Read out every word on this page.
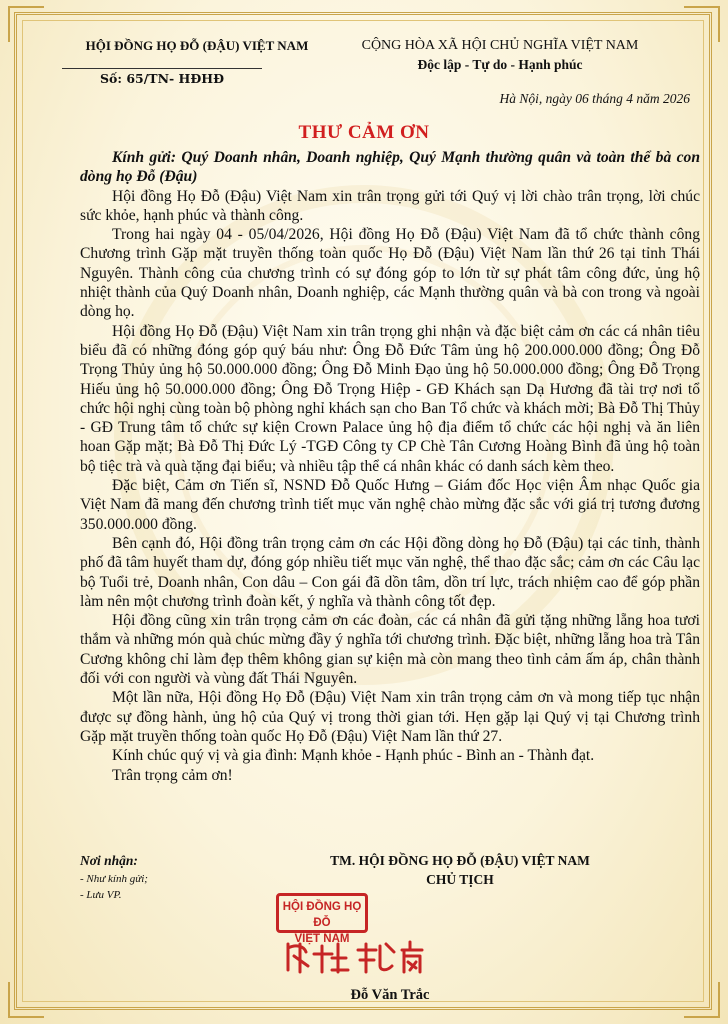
HỘI ĐỒNG HỌ ĐỖ (ĐẬU) VIỆT NAM
Số: 65/TN- HĐHĐ
CỘNG HÒA XÃ HỘI CHỦ NGHĨA VIỆT NAM
Độc lập - Tự do - Hạnh phúc
Hà Nội, ngày 06 tháng 4 năm 2026
THƯ CẢM ƠN

Kính gửi: Quý Doanh nhân, Doanh nghiệp, Quý Mạnh thường quân và toàn thể bà con dòng họ Đỗ (Đậu)

Hội đồng Họ Đỗ (Đậu) Việt Nam xin trân trọng gửi tới Quý vị lời chào trân trọng, lời chúc sức khỏe, hạnh phúc và thành công.

Trong hai ngày 04 - 05/04/2026, Hội đồng Họ Đỗ (Đậu) Việt Nam đã tổ chức thành công Chương trình Gặp mặt truyền thống toàn quốc Họ Đỗ (Đậu) Việt Nam lần thứ 26 tại tỉnh Thái Nguyên. Thành công của chương trình có sự đóng góp to lớn từ sự phát tâm công đức, ủng hộ nhiệt thành của Quý Doanh nhân, Doanh nghiệp, các Mạnh thường quân và bà con trong và ngoài dòng họ.

Hội đồng Họ Đỗ (Đậu) Việt Nam xin trân trọng ghi nhận và đặc biệt cảm ơn các cá nhân tiêu biểu đã có những đóng góp quý báu như: Ông Đỗ Đức Tâm ủng hộ 200.000.000 đồng; Ông Đỗ Trọng Thủy ủng hộ 50.000.000 đồng; Ông Đỗ Minh Đạo ủng hộ 50.000.000 đồng; Ông Đỗ Trọng Hiếu ủng hộ 50.000.000 đồng; Ông Đỗ Trọng Hiệp - GĐ Khách sạn Dạ Hương đã tài trợ nơi tổ chức hội nghị cùng toàn bộ phòng nghỉ khách sạn cho Ban Tổ chức và khách mời; Bà Đỗ Thị Thủy - GĐ Trung tâm tổ chức sự kiện Crown Palace ủng hộ địa điểm tổ chức các hội nghị và ăn liên hoan Gặp mặt; Bà Đỗ Thị Đức Lý -TGĐ Công ty CP Chè Tân Cương Hoàng Bình đã ủng hộ toàn bộ tiệc trà và quà tặng đại biểu; và nhiều tập thể cá nhân khác có danh sách kèm theo.

Đặc biệt, Cảm ơn Tiến sĩ, NSND Đỗ Quốc Hưng – Giám đốc Học viện Âm nhạc Quốc gia Việt Nam đã mang đến chương trình tiết mục văn nghệ chào mừng đặc sắc với giá trị tương đương 350.000.000 đồng.

Bên cạnh đó, Hội đồng trân trọng cảm ơn các Hội đồng dòng họ Đỗ (Đậu) tại các tỉnh, thành phố đã tâm huyết tham dự, đóng góp nhiều tiết mục văn nghệ, thể thao đặc sắc; cảm ơn các Câu lạc bộ Tuổi trẻ, Doanh nhân, Con dâu – Con gái đã dồn tâm, dồn trí lực, trách nhiệm cao để góp phần làm nên một chương trình đoàn kết, ý nghĩa và thành công tốt đẹp.

Hội đồng cũng xin trân trọng cảm ơn các đoàn, các cá nhân đã gửi tặng những lẵng hoa tươi thắm và những món quà chúc mừng đầy ý nghĩa tới chương trình. Đặc biệt, những lẵng hoa trà Tân Cương không chỉ làm đẹp thêm không gian sự kiện mà còn mang theo tình cảm ấm áp, chân thành đối với con người và vùng đất Thái Nguyên.

Một lần nữa, Hội đồng Họ Đỗ (Đậu) Việt Nam xin trân trọng cảm ơn và mong tiếp tục nhận được sự đồng hành, ủng hộ của Quý vị trong thời gian tới. Hẹn gặp lại Quý vị tại Chương trình Gặp mặt truyền thống toàn quốc Họ Đỗ (Đậu) Việt Nam lần thứ 27.

Kính chúc quý vị và gia đình: Mạnh khỏe - Hạnh phúc - Bình an - Thành đạt.

Trân trọng cảm ơn!

Nơi nhận:
- Như kính gửi;
- Lưu VP.
TM. HỘI ĐỒNG HỌ ĐỖ (ĐẬU) VIỆT NAM
CHỦ TỊCH
HỘI ĐỒNG HỌ ĐỖ
VIỆT NAM
Đỗ Văn Trắc
